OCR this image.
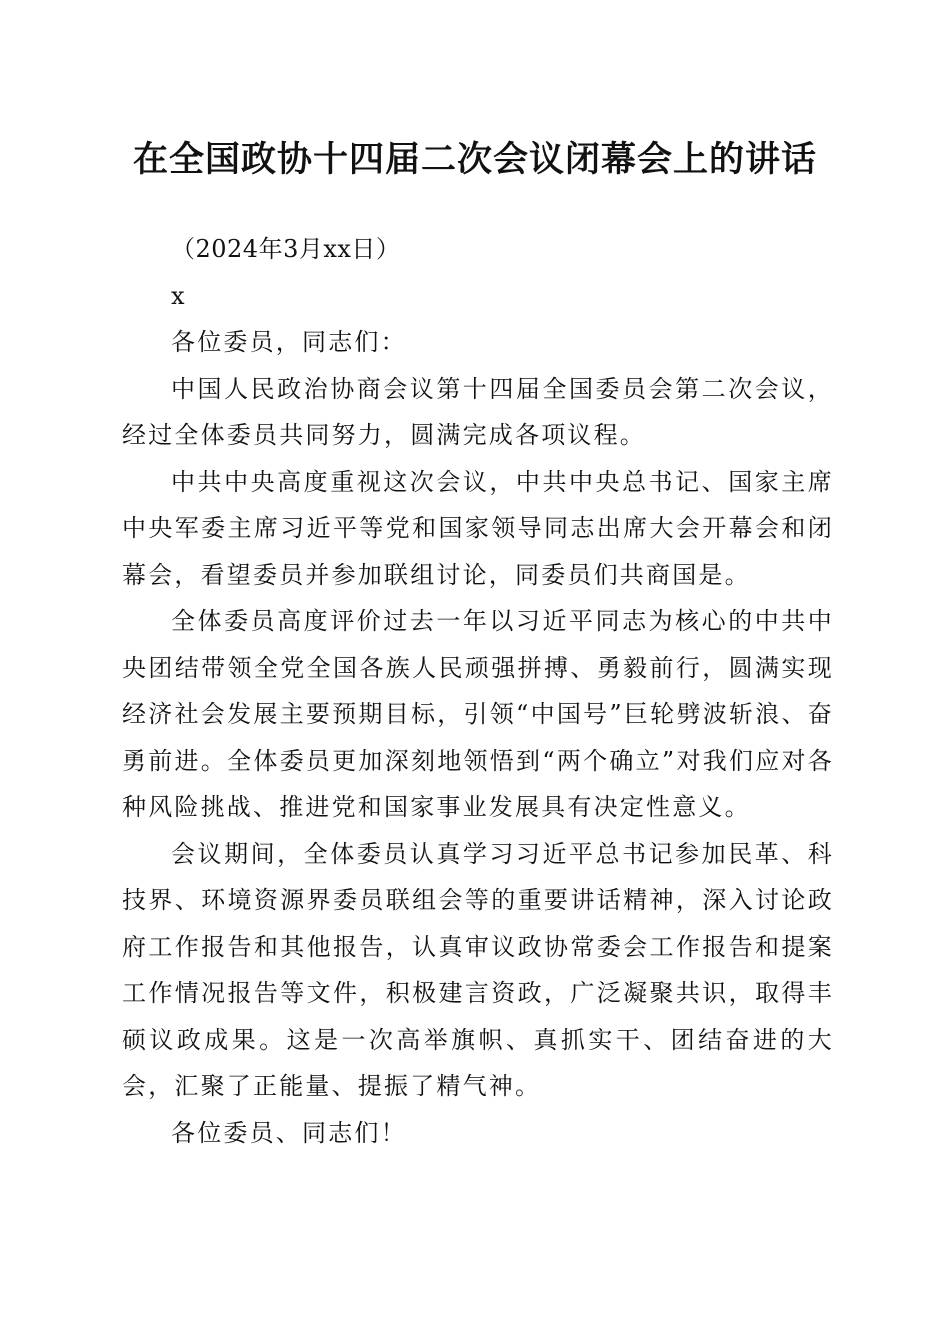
在全国政协十四届二次会议闭幕会上的讲话

（2024年3月xx日）

x

各位委员，同志们：

中国人民政治协商会议第十四届全国委员会第二次会议，经过全体委员共同努力，圆满完成各项议程。

中共中央高度重视这次会议，中共中央总书记、国家主席中央军委主席习近平等党和国家领导同志出席大会开幕会和闭幕会，看望委员并参加联组讨论，同委员们共商国是。

全体委员高度评价过去一年以习近平同志为核心的中共中央团结带领全党全国各族人民顽强拼搏、勇毅前行，圆满实现经济社会发展主要预期目标，引领“中国号”巨轮劈波斩浪、奋勇前进。全体委员更加深刻地领悟到“两个确立”对我们应对各种风险挑战、推进党和国家事业发展具有决定性意义。

会议期间，全体委员认真学习习近平总书记参加民革、科技界、环境资源界委员联组会等的重要讲话精神，深入讨论政府工作报告和其他报告，认真审议政协常委会工作报告和提案工作情况报告等文件，积极建言资政，广泛凝聚共识，取得丰硕议政成果。这是一次高举旗帜、真抓实干、团结奋进的大会，汇聚了正能量、提振了精气神。

各位委员、同志们！
